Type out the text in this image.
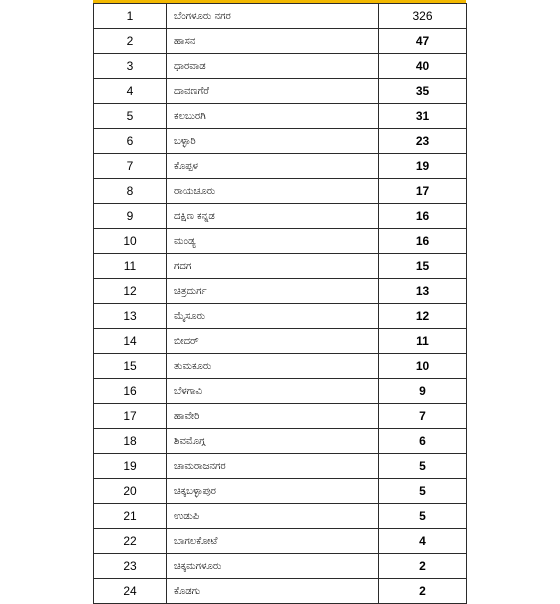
1	ಬೆಂಗಳೂರು ನಗರ	326
2	ಹಾಸನ	47
3	ಧಾರವಾಡ	40
4	ದಾವಣಗೆರೆ	35
5	ಕಲಬುರಗಿ	31
6	ಬಳ್ಳಾರಿ	23
7	ಕೊಪ್ಪಳ	19
8	ರಾಯಚೂರು	17
9	ದಕ್ಷಿಣ ಕನ್ನಡ	16
10	ಮಂಡ್ಯ	16
11	ಗದಗ	15
12	ಚಿತ್ರದುರ್ಗ	13
13	ಮೈಸೂರು	12
14	ಬೀದರ್	11
15	ತುಮಕೂರು	10
16	ಬೆಳಗಾವಿ	9
17	ಹಾವೇರಿ	7
18	ಶಿವಮೊಗ್ಗ	6
19	ಚಾಮರಾಜನಗರ	5
20	ಚಿಕ್ಕಬಳ್ಳಾಪುರ	5
21	ಉಡುಪಿ	5
22	ಬಾಗಲಕೋಟೆ	4
23	ಚಿಕ್ಕಮಗಳೂರು	2
24	ಕೊಡಗು	2
